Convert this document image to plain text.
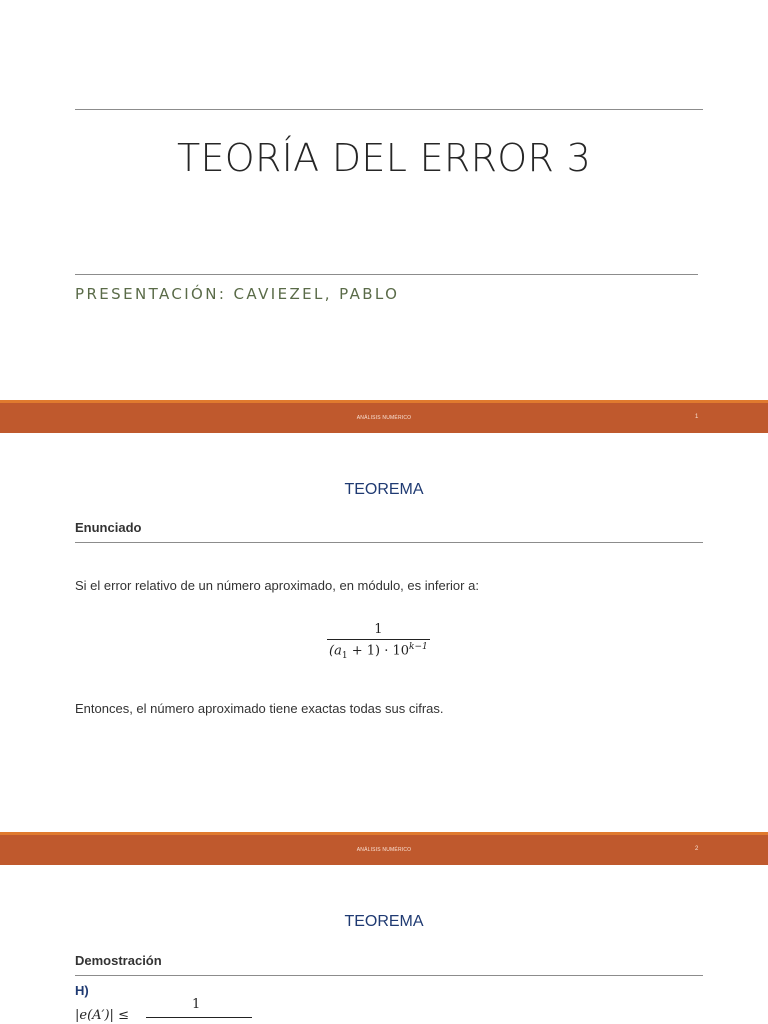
TEORÍA DEL ERROR 3
PRESENTACIÓN: CAVIEZEL, PABLO
ANÁLISIS NUMÉRICO	1
TEOREMA
Enunciado
Si el error relativo de un número aproximado, en módulo, es inferior a:
$\frac{1}{(a_1 + 1) \cdot 10^{k-1}}$
Entonces, el número aproximado tiene exactas todas sus cifras.
ANÁLISIS NUMÉRICO	2
TEOREMA
Demostración
H)
|e(A′)| ≤
1
